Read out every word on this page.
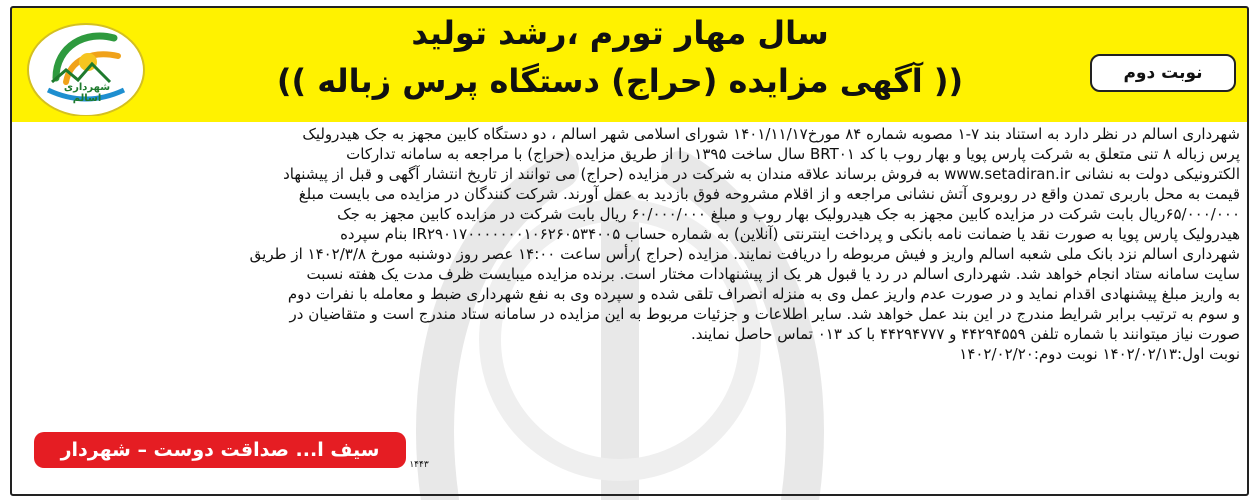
شهرداری اسالم
سال مهار تورم ،رشد تولید
(( آگهی مزایده (حراج) دستگاه پرس زباله ))	نوبت دوم

شهرداری اسالم در نظر دارد به استناد بند ۷-۱ مصوبه شماره ۸۴ مورخ۱۴۰۱/۱۱/۱۷ شورای اسلامی شهر اسالم ، دو دستگاه کابین مجهز به جک هیدرولیک

پرس زباله ۸ تنی متعلق به شرکت پارس پویا و بهار روب با کد BRT۰۱ سال ساخت ۱۳۹۵ را از طریق مزایده (حراج) با مراجعه به سامانه تدارکات

الکترونیکی دولت به نشانی www.setadiran.ir به فروش برساند علاقه مندان به شرکت در مزایده (حراج) می توانند از تاریخ انتشار آگهی و قبل از پیشنهاد

قیمت به محل باربری تمدن واقع در روبروی آتش نشانی مراجعه و از اقلام مشروحه فوق بازدید به عمل آورند. شرکت کنندگان در مزایده می بایست مبلغ

۶۵/۰۰۰/۰۰۰ریال بابت شرکت در مزایده کابین مجهز به جک هیدرولیک بهار روب و مبلغ ۶۰/۰۰۰/۰۰۰ ریال بابت شرکت در مزایده کابین مجهز به جک

هیدرولیک پارس پویا به صورت نقد یا ضمانت نامه بانکی و پرداخت اینترنتی (آنلاین) به شماره حساب IR۲۹۰۱۷۰۰۰۰۰۰۰۱۰۶۲۶۰۵۳۴۰۰۵ بنام سپرده

شهرداری اسالم نزد بانک ملی شعبه اسالم واریز و فیش مربوطه را دریافت نمایند. مزایده (حراج )رأس ساعت ۱۴:۰۰ عصر روز دوشنبه مورخ ۱۴۰۲/۳/۸ از طریق

سایت سامانه ستاد انجام خواهد شد. شهرداری اسالم در رد یا قبول هر یک از پیشنهادات مختار است. برنده مزایده میبایست ظرف مدت یک هفته نسبت

به واریز مبلغ پیشنهادی اقدام نماید و در صورت عدم واریز عمل وی به منزله انصراف تلقی شده و سپرده وی به نفع شهرداری ضبط و معامله با نفرات دوم

و سوم به ترتیب برابر شرایط مندرج در این بند عمل خواهد شد. سایر اطلاعات و جزئیات مربوط به این مزایده در سامانه ستاد مندرج است و متقاضیان در

صورت نیاز میتوانند با شماره تلفن ۴۴۲۹۴۵۵۹ و ۴۴۲۹۴۷۷۷ با کد ۰۱۳ تماس حاصل نمایند.

نوبت اول:۱۴۰۲/۰۲/۱۳ نوبت دوم:۱۴۰۲/۰۲/۲۰

سیف ا... صداقت دوست – شهردار اسالم
۱۴۴۳
